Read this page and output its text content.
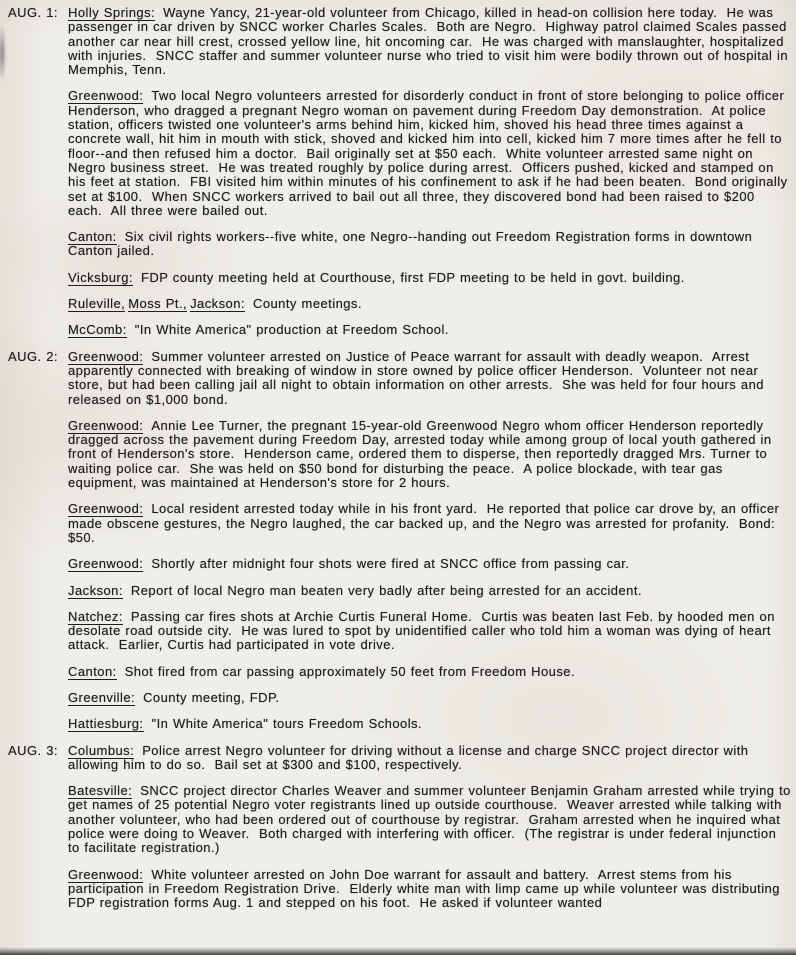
AUG. 1: Holly Springs: Wayne Yancy, 21-year-old volunteer from Chicago, killed in head-on collision here today.  He was passenger in car driven by SNCC worker Charles Scales.  Both are Negro.  Highway patrol claimed Scales passed another car near hill crest, crossed yellow line, hit oncoming car.  He was charged with manslaughter, hospitalized with injuries.  SNCC staffer and summer volunteer nurse who tried to visit him were bodily thrown out of hospital in Memphis, Tenn.

Greenwood: Two local Negro volunteers arrested for disorderly conduct in front of store belonging to police officer Henderson, who dragged a pregnant Negro woman on pavement during Freedom Day demonstration.  At police station, officers twisted one volunteer's arms behind him, kicked him, shoved his head three times against a concrete wall, hit him in mouth with stick, shoved and kicked him into cell, kicked him 7 more times after he fell to floor--and then refused him a doctor.  Bail originally set at $50 each.  White volunteer arrested same night on Negro business street.  He was treated roughly by police during arrest.  Officers pushed, kicked and stamped on his feet at station.  FBI visited him within minutes of his confinement to ask if he had been beaten.  Bond originally set at $100.  When SNCC workers arrived to bail out all three, they discovered bond had been raised to $200 each.  All three were bailed out.

Canton: Six civil rights workers--five white, one Negro--handing out Freedom Registration forms in downtown Canton jailed.

Vicksburg: FDP county meeting held at Courthouse, first FDP meeting to be held in govt. building.

Ruleville, Moss Pt., Jackson: County meetings.

McComb: "In White America" production at Freedom School.

AUG. 2: Greenwood: Summer volunteer arrested on Justice of Peace warrant for assault with deadly weapon.  Arrest apparently connected with breaking of window in store owned by police officer Henderson.  Volunteer not near store, but had been calling jail all night to obtain information on other arrests.  She was held for four hours and released on $1,000 bond.

Greenwood: Annie Lee Turner, the pregnant 15-year-old Greenwood Negro whom officer Henderson reportedly dragged across the pavement during Freedom Day, arrested today while among group of local youth gathered in front of Henderson's store.  Henderson came, ordered them to disperse, then reportedly dragged Mrs. Turner to waiting police car.  She was held on $50 bond for disturbing the peace.  A police blockade, with tear gas equipment, was maintained at Henderson's store for 2 hours.

Greenwood: Local resident arrested today while in his front yard.  He reported that police car drove by, an officer made obscene gestures, the Negro laughed, the car backed up, and the Negro was arrested for profanity.  Bond:  $50.

Greenwood: Shortly after midnight four shots were fired at SNCC office from passing car.

Jackson: Report of local Negro man beaten very badly after being arrested for an accident.

Natchez: Passing car fires shots at Archie Curtis Funeral Home.  Curtis was beaten last Feb. by hooded men on desolate road outside city.  He was lured to spot by unidentified caller who told him a woman was dying of heart attack.  Earlier, Curtis had participated in vote drive.

Canton: Shot fired from car passing approximately 50 feet from Freedom House.

Greenville: County meeting, FDP.

Hattiesburg: "In White America" tours Freedom Schools.

AUG. 3: Columbus: Police arrest Negro volunteer for driving without a license and charge SNCC project director with allowing him to do so.  Bail set at $300 and $100, respectively.

Batesville: SNCC project director Charles Weaver and summer volunteer Benjamin Graham arrested while trying to get names of 25 potential Negro voter registrants lined up outside courthouse.  Weaver arrested while talking with another volunteer, who had been ordered out of courthouse by registrar.  Graham arrested when he inquired what police were doing to Weaver.  Both charged with interfering with officer.  (The registrar is under federal injunction to facilitate registration.)

Greenwood: White volunteer arrested on John Doe warrant for assault and battery.  Arrest stems from his participation in Freedom Registration Drive.  Elderly white man with limp came up while volunteer was distributing FDP registration forms Aug. 1 and stepped on his foot.  He asked if volunteer wanted
